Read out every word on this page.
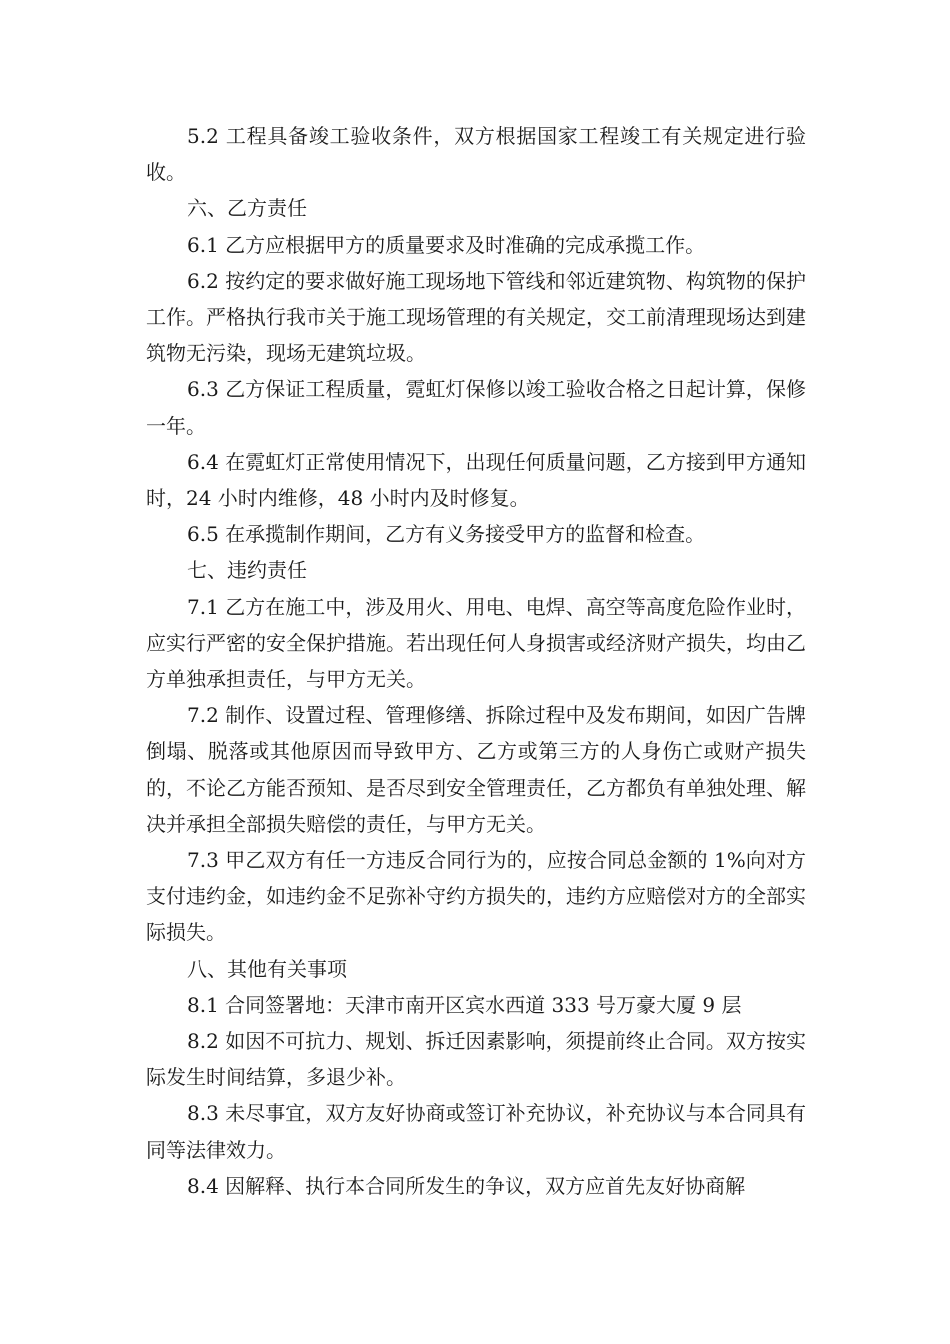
5.2 工程具备竣工验收条件，双方根据国家工程竣工有关规定进行验收。

六、乙方责任

6.1 乙方应根据甲方的质量要求及时准确的完成承揽工作。

6.2 按约定的要求做好施工现场地下管线和邻近建筑物、构筑物的保护工作。严格执行我市关于施工现场管理的有关规定，交工前清理现场达到建筑物无污染，现场无建筑垃圾。

6.3 乙方保证工程质量，霓虹灯保修以竣工验收合格之日起计算，保修一年。

6.4 在霓虹灯正常使用情况下，出现任何质量问题，乙方接到甲方通知时，24 小时内维修，48 小时内及时修复。

6.5 在承揽制作期间，乙方有义务接受甲方的监督和检查。

七、违约责任

7.1 乙方在施工中，涉及用火、用电、电焊、高空等高度危险作业时，应实行严密的安全保护措施。若出现任何人身损害或经济财产损失，均由乙方单独承担责任，与甲方无关。

7.2 制作、设置过程、管理修缮、拆除过程中及发布期间，如因广告牌倒塌、脱落或其他原因而导致甲方、乙方或第三方的人身伤亡或财产损失的，不论乙方能否预知、是否尽到安全管理责任，乙方都负有单独处理、解决并承担全部损失赔偿的责任，与甲方无关。

7.3 甲乙双方有任一方违反合同行为的，应按合同总金额的 1%向对方支付违约金，如违约金不足弥补守约方损失的，违约方应赔偿对方的全部实际损失。

八、其他有关事项

8.1 合同签署地：天津市南开区宾水西道 333 号万豪大厦 9 层

8.2 如因不可抗力、规划、拆迁因素影响，须提前终止合同。双方按实际发生时间结算，多退少补。

8.3 未尽事宜，双方友好协商或签订补充协议，补充协议与本合同具有同等法律效力。

8.4 因解释、执行本合同所发生的争议，双方应首先友好协商解
